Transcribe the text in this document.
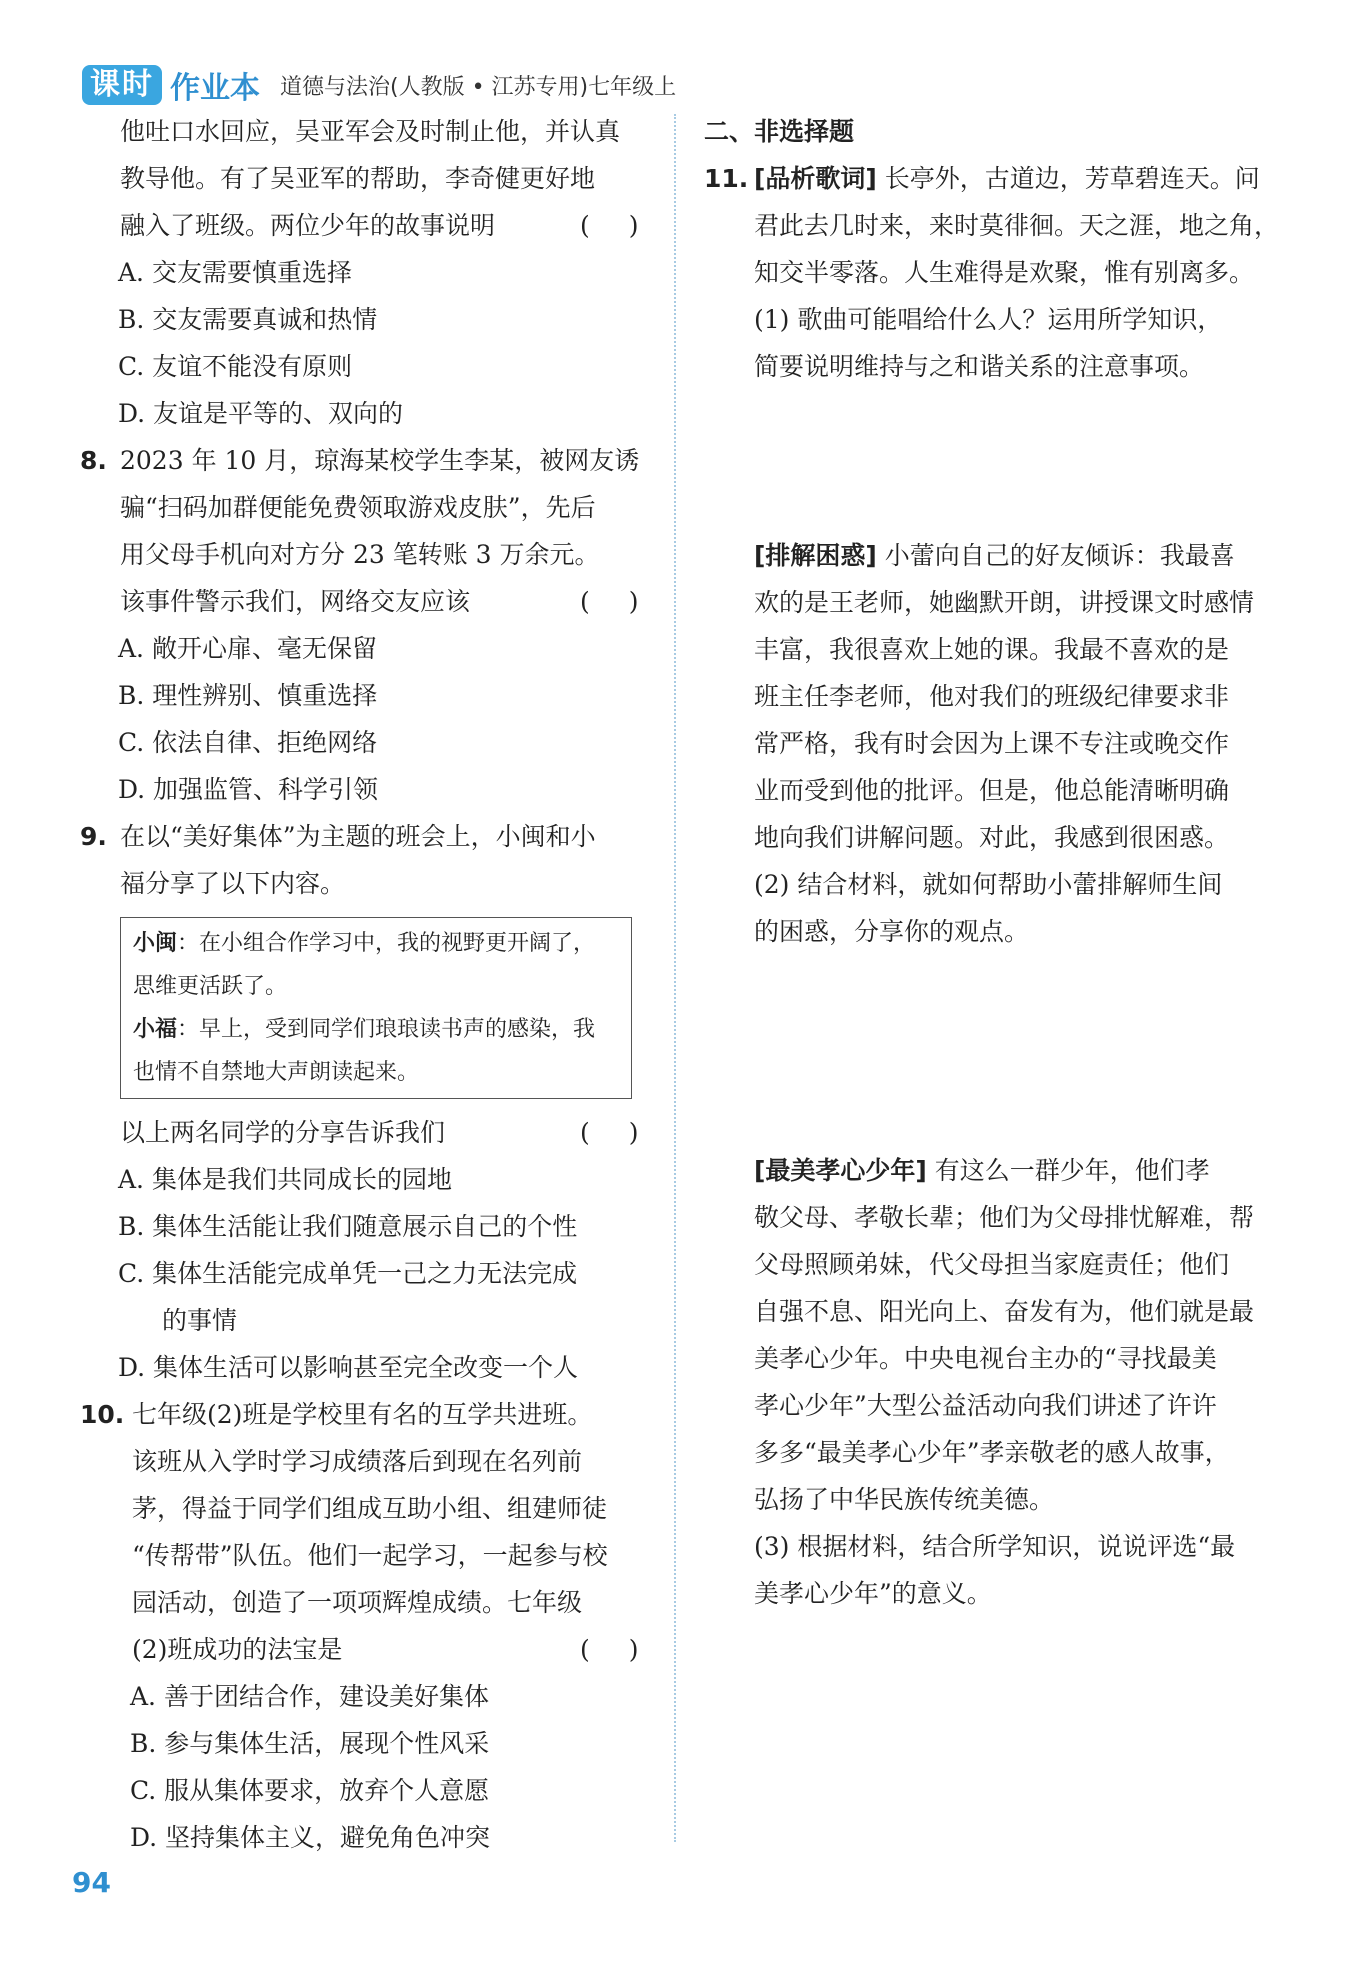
课时 作业本 道德与法治(人教版 • 江苏专用)七年级上
他吐口水回应，吴亚军会及时制止他，并认真
教导他。有了吴亚军的帮助，李奇健更好地
融入了班级。两位少年的故事说明	(　 )
A. 交友需要慎重选择
B. 交友需要真诚和热情
C. 友谊不能没有原则
D. 友谊是平等的、双向的
8. 2023 年 10 月，琼海某校学生李某，被网友诱
骗“扫码加群便能免费领取游戏皮肤”，先后
用父母手机向对方分 23 笔转账 3 万余元。
该事件警示我们，网络交友应该	(　 )
A. 敞开心扉、毫无保留
B. 理性辨别、慎重选择
C. 依法自律、拒绝网络
D. 加强监管、科学引领
9. 在以“美好集体”为主题的班会上，小闽和小
福分享了以下内容。
小闽：在小组合作学习中，我的视野更开阔了，
思维更活跃了。
小福：早上，受到同学们琅琅读书声的感染，我
也情不自禁地大声朗读起来。
以上两名同学的分享告诉我们	(　 )
A. 集体是我们共同成长的园地
B. 集体生活能让我们随意展示自己的个性
C. 集体生活能完成单凭一己之力无法完成
的事情
D. 集体生活可以影响甚至完全改变一个人
10. 七年级(2)班是学校里有名的互学共进班。
该班从入学时学习成绩落后到现在名列前
茅，得益于同学们组成互助小组、组建师徒
“传帮带”队伍。他们一起学习，一起参与校
园活动，创造了一项项辉煌成绩。七年级
(2)班成功的法宝是	(　 )
A. 善于团结合作，建设美好集体
B. 参与集体生活，展现个性风采
C. 服从集体要求，放弃个人意愿
D. 坚持集体主义，避免角色冲突
二、非选择题
11. [品析歌词] 长亭外，古道边，芳草碧连天。问
君此去几时来，来时莫徘徊。天之涯，地之角，
知交半零落。人生难得是欢聚，惟有别离多。
(1) 歌曲可能唱给什么人？运用所学知识，
简要说明维持与之和谐关系的注意事项。
[排解困惑] 小蕾向自己的好友倾诉：我最喜
欢的是王老师，她幽默开朗，讲授课文时感情
丰富，我很喜欢上她的课。我最不喜欢的是
班主任李老师，他对我们的班级纪律要求非
常严格，我有时会因为上课不专注或晚交作
业而受到他的批评。但是，他总能清晰明确
地向我们讲解问题。对此，我感到很困惑。
(2) 结合材料，就如何帮助小蕾排解师生间
的困惑，分享你的观点。
[最美孝心少年] 有这么一群少年，他们孝
敬父母、孝敬长辈；他们为父母排忧解难，帮
父母照顾弟妹，代父母担当家庭责任；他们
自强不息、阳光向上、奋发有为，他们就是最
美孝心少年。中央电视台主办的“寻找最美
孝心少年”大型公益活动向我们讲述了许许
多多“最美孝心少年”孝亲敬老的感人故事，
弘扬了中华民族传统美德。
(3) 根据材料，结合所学知识，说说评选“最
美孝心少年”的意义。
94
